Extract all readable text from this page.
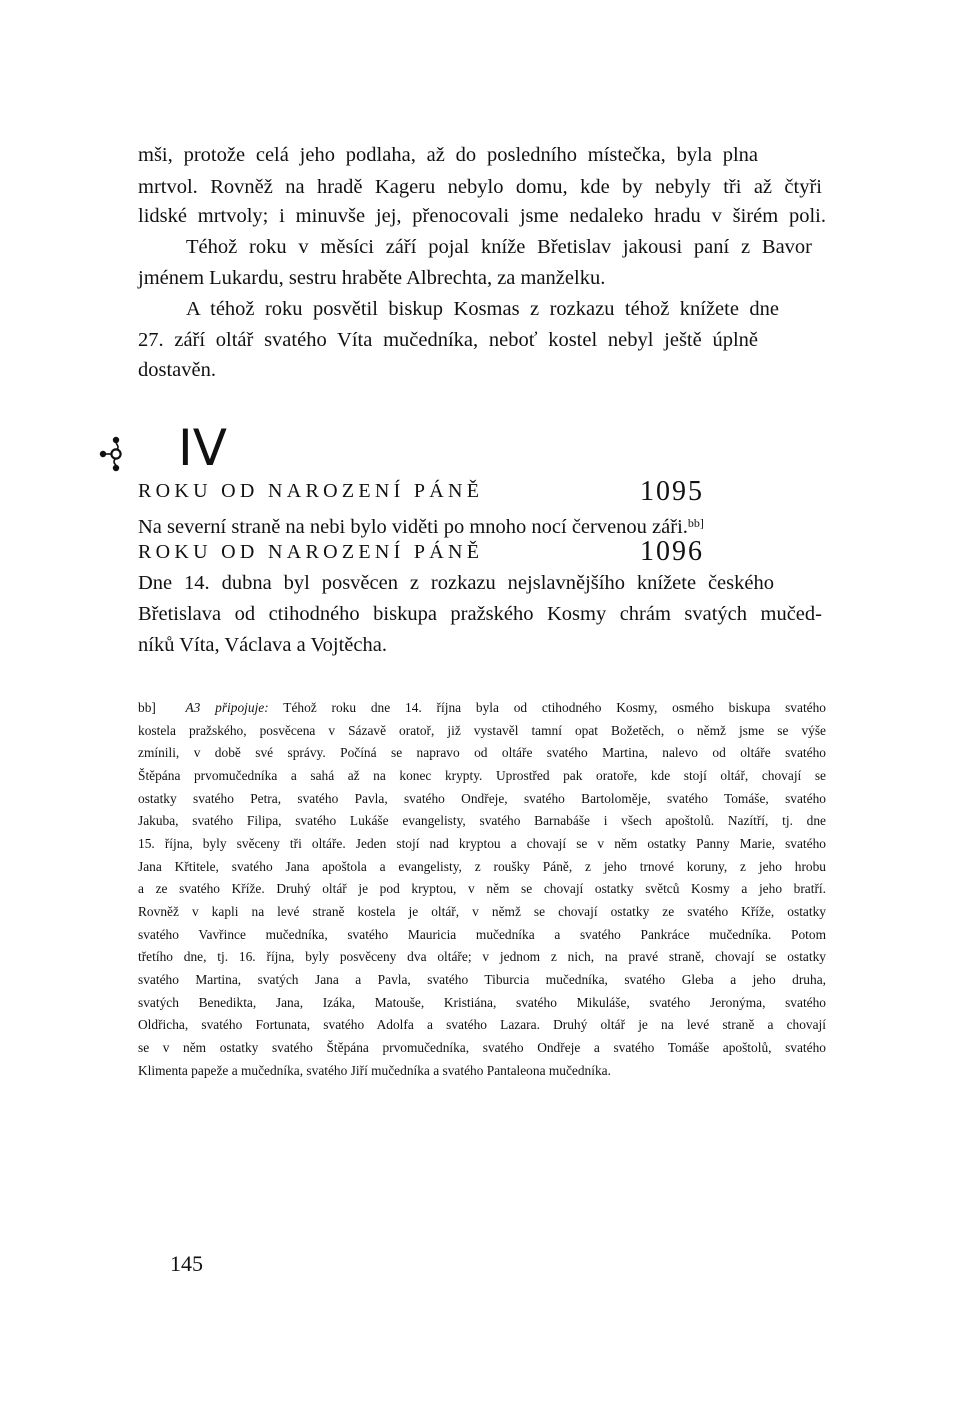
mši, protože celá jeho podlaha, až do posledního místečka, byla plna
mrtvol. Rovněž na hradě Kageru nebylo domu, kde by nebyly tři až čtyři
lidské mrtvoly; i minuvše jej, přenocovali jsme nedaleko hradu v širém poli.
Téhož roku v měsíci září pojal kníže Břetislav jakousi paní z Bavor
jménem Lukardu, sestru hraběte Albrechta, za manželku.
A téhož roku posvětil biskup Kosmas z rozkazu téhož knížete dne
27. září oltář svatého Víta mučedníka, neboť kostel nebyl ještě úplně
dostavěn.
IV
ROKU OD NAROZENÍ PÁNĚ	1095
Na severní straně na nebi bylo viděti po mnoho nocí červenou záři.$^{bb]}$
ROKU OD NAROZENÍ PÁNĚ	1096
Dne 14. dubna byl posvěcen z rozkazu nejslavnějšího knížete českého
Břetislava od ctihodného biskupa pražského Kosmy chrám svatých mučed-
níků Víta, Václava a Vojtěcha.
bb] A3 připojuje: Téhož roku dne 14. října byla od ctihodného Kosmy, osmého biskupa svatého
kostela pražského, posvěcena v Sázavě oratoř, již vystavěl tamní opat Božetěch, o němž jsme se výše
zmínili, v době své správy. Počíná se napravo od oltáře svatého Martina, nalevo od oltáře svatého
Štěpána prvomučedníka a sahá až na konec krypty. Uprostřed pak oratoře, kde stojí oltář, chovají se
ostatky svatého Petra, svatého Pavla, svatého Ondřeje, svatého Bartoloměje, svatého Tomáše, svatého
Jakuba, svatého Filipa, svatého Lukáše evangelisty, svatého Barnabáše i všech apoštolů. Nazítří, tj. dne
15. října, byly svěceny tři oltáře. Jeden stojí nad kryptou a chovají se v něm ostatky Panny Marie, svatého
Jana Křtitele, svatého Jana apoštola a evangelisty, z roušky Páně, z jeho trnové koruny, z jeho hrobu
a ze svatého Kříže. Druhý oltář je pod kryptou, v něm se chovají ostatky světců Kosmy a jeho bratří.
Rovněž v kapli na levé straně kostela je oltář, v němž se chovají ostatky ze svatého Kříže, ostatky
svatého Vavřince mučedníka, svatého Mauricia mučedníka a svatého Pankráce mučedníka. Potom
třetího dne, tj. 16. října, byly posvěceny dva oltáře; v jednom z nich, na pravé straně, chovají se ostatky
svatého Martina, svatých Jana a Pavla, svatého Tiburcia mučedníka, svatého Gleba a jeho druha,
svatých Benedikta, Jana, Izáka, Matouše, Kristiána, svatého Mikuláše, svatého Jeronýma, svatého
Oldřicha, svatého Fortunata, svatého Adolfa a svatého Lazara. Druhý oltář je na levé straně a chovají
se v něm ostatky svatého Štěpána prvomučedníka, svatého Ondřeje a svatého Tomáše apoštolů, svatého
Klimenta papeže a mučedníka, svatého Jiří mučedníka a svatého Pantaleona mučedníka.
145
